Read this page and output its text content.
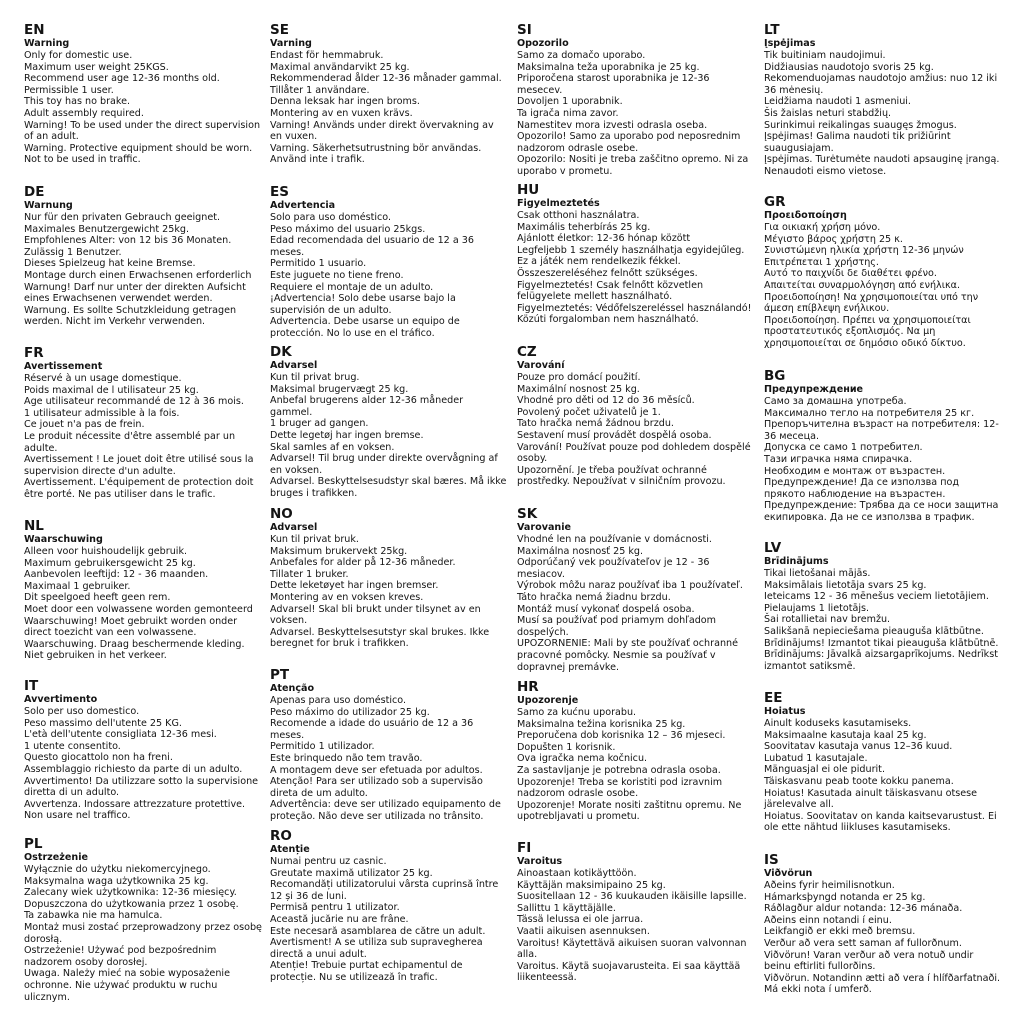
EN
Warning
Only for domestic use.
Maximum user weight 25KGS.
Recommend user age 12-36 months old.
Permissible 1 user.
This toy has no brake.
Adult assembly required.
Warning! To be used under the direct supervision of an adult.
Warning. Protective equipment should be worn.
Not to be used in traffic.
DE
Warnung
Nur für den privaten Gebrauch geeignet.
Maximales Benutzergewicht 25kg.
Empfohlenes Alter: von 12 bis 36 Monaten.
Zulässig 1 Benutzer.
Dieses Spielzeug hat keine Bremse.
Montage durch einen Erwachsenen erforderlich
Warnung! Darf nur unter der direkten Aufsicht eines Erwachsenen verwendet werden.
Warnung. Es sollte Schutzkleidung getragen werden. Nicht im Verkehr verwenden.
FR
Avertissement
Réservé à un usage domestique.
Poids maximal de l utilisateur 25 kg.
Age utilisateur recommandé de 12 à 36 mois.
1 utilisateur admissible à la fois.
Ce jouet n'a pas de frein.
Le produit nécessite d'être assemblé par un adulte.
Avertissement ! Le jouet doit être utilisé sous la supervision directe d'un adulte.
Avertissement. L'équipement de protection doit être porté. Ne pas utiliser dans le trafic.
NL
Waarschuwing
Alleen voor huishoudelijk gebruik.
Maximum gebruikersgewicht 25 kg.
Aanbevolen leeftijd: 12 - 36 maanden.
Maximaal 1 gebruiker.
Dit speelgoed heeft geen rem.
Moet door een volwassene worden gemonteerd
Waarschuwing! Moet gebruikt worden onder direct toezicht van een volwassene.
Waarschuwing. Draag beschermende kleding. Niet gebruiken in het verkeer.
IT
Avvertimento
Solo per uso domestico.
Peso massimo dell'utente 25 KG.
L'età dell'utente consigliata 12-36 mesi.
1 utente consentito.
Questo giocattolo non ha freni.
Assemblaggio richiesto da parte di un adulto.
Avvertimento! Da utilizzare sotto la supervisione diretta di un adulto.
Avvertenza. Indossare attrezzature protettive.
Non usare nel traffico.
PL
Ostrzeżenie
Wyłącznie do użytku niekomercyjnego.
Maksymalna waga użytkownika 25 kg.
Zalecany wiek użytkownika: 12-36 miesięcy.
Dopuszczona do użytkowania przez 1 osobę.
Ta zabawka nie ma hamulca.
Montaż musi zostać przeprowadzony przez osobę dorosłą.
Ostrzeżenie! Używać pod bezpośrednim nadzorem osoby dorosłej.
Uwaga. Należy mieć na sobie wyposażenie ochronne. Nie używać produktu w ruchu ulicznym.
SE
Varning
Endast för hemmabruk.
Maximal användarvikt 25 kg.
Rekommenderad ålder 12-36 månader gammal.
Tillåter 1 användare.
Denna leksak har ingen broms.
Montering av en vuxen krävs.
Varning! Används under direkt övervakning av en vuxen.
Varning. Säkerhetsutrustning bör användas.
Använd inte i trafik.
ES
Advertencia
Solo para uso doméstico.
Peso máximo del usuario 25kgs.
Edad recomendada del usuario de 12 a 36 meses.
Permitido 1 usuario.
Este juguete no tiene freno.
Requiere el montaje de un adulto.
¡Advertencia! Solo debe usarse bajo la supervisión de un adulto.
Advertencia. Debe usarse un equipo de protección. No lo use en el tráfico.
DK
Advarsel
Kun til privat brug.
Maksimal brugervægt 25 kg.
Anbefal brugerens alder 12-36 måneder gammel.
1 bruger ad gangen.
Dette legetøj har ingen bremse.
Skal samles af en voksen.
Advarsel! Til brug under direkte overvågning af en voksen.
Advarsel. Beskyttelsesudstyr skal bæres. Må ikke bruges i trafikken.
NO
Advarsel
Kun til privat bruk.
Maksimum brukervekt 25kg.
Anbefales for alder på 12-36 måneder.
Tillater 1 bruker.
Dette leketøyet har ingen bremser.
Montering av en voksen kreves.
Advarsel! Skal bli brukt under tilsynet av en voksen.
Advarsel. Beskyttelsesutstyr skal brukes. Ikke beregnet for bruk i trafikken.
PT
Atenção
Apenas para uso doméstico.
Peso máximo do utilizador 25 kg.
Recomende a idade do usuário de 12 a 36 meses.
Permitido 1 utilizador.
Este brinquedo não tem travão.
A montagem deve ser efetuada por adultos.
Atenção! Para ser utilizado sob a supervisão direta de um adulto.
Advertência: deve ser utilizado equipamento de proteção. Não deve ser utilizada no trânsito.
RO
Atenție
Numai pentru uz casnic.
Greutate maximă utilizator 25 kg.
Recomandăți utilizatorului vârsta cuprinsă între 12 și 36 de luni.
Permisă pentru 1 utilizator.
Această jucărie nu are frâne.
Este necesară asamblarea de către un adult.
Avertisment! A se utiliza sub supravegherea directă a unui adult.
Atenție! Trebuie purtat echipamentul de protecție. Nu se utilizează în trafic.
SI
Opozorilo
Samo za domačo uporabo.
Maksimalna teža uporabnika je 25 kg.
Priporočena starost uporabnika je 12-36 mesecev.
Dovoljen 1 uporabnik.
Ta igrača nima zavor.
Namestitev mora izvesti odrasla oseba.
Opozorilo! Samo za uporabo pod neposrednim nadzorom odrasle osebe.
Opozorilo: Nositi je treba zaščitno opremo. Ni za uporabo v prometu.
HU
Figyelmeztetés
Csak otthoni használatra.
Maximális teherbírás 25 kg.
Ajánlott életkor: 12-36 hónap között
Legfeljebb 1 személy használhatja egyidejűleg.
Ez a játék nem rendelkezik fékkel.
Összeszereléséhez felnőtt szükséges.
Figyelmeztetés! Csak felnőtt közvetlen felügyelete mellett használható.
Figyelmeztetés: Védőfelszereléssel használandó! Közúti forgalomban nem használható.
CZ
Varování
Pouze pro domácí použití.
Maximální nosnost 25 kg.
Vhodné pro děti od 12 do 36 měsíců.
Povolený počet uživatelů je 1.
Tato hračka nemá žádnou brzdu.
Sestavení musí provádět dospělá osoba.
Varování! Používat pouze pod dohledem dospělé osoby.
Upozornění. Je třeba používat ochranné prostředky. Nepoužívat v silničním provozu.
SK
Varovanie
Vhodné len na používanie v domácnosti.
Maximálna nosnosť 25 kg.
Odporúčaný vek používateľov je 12 - 36 mesiacov.
Výrobok môžu naraz používať iba 1 používateľ.
Táto hračka nemá žiadnu brzdu.
Montáž musí vykonať dospelá osoba.
Musí sa používať pod priamym dohľadom dospelých.
UPOZORNENIE: Mali by ste používať ochranné pracovné pomôcky. Nesmie sa používať v dopravnej premávke.
HR
Upozorenje
Samo za kućnu uporabu.
Maksimalna težina korisnika 25 kg.
Preporučena dob korisnika 12 – 36 mjeseci.
Dopušten 1 korisnik.
Ova igračka nema kočnicu.
Za sastavljanje je potrebna odrasla osoba.
Upozorenje! Treba se koristiti pod izravnim nadzorom odrasle osobe.
Upozorenje! Morate nositi zaštitnu opremu. Ne upotrebljavati u prometu.
FI
Varoitus
Ainoastaan kotikäyttöön.
Käyttäjän maksimipaino 25 kg.
Suositellaan 12 - 36 kuukauden ikäisille lapsille.
Sallittu 1 käyttäjälle.
Tässä lelussa ei ole jarrua.
Vaatii aikuisen asennuksen.
Varoitus! Käytettävä aikuisen suoran valvonnan alla.
Varoitus. Käytä suojavarusteita. Ei saa käyttää liikenteessä.
LT
Įspėjimas
Tik buitiniam naudojimui.
Didžiausias naudotojo svoris 25 kg.
Rekomenduojamas naudotojo amžius: nuo 12 iki 36 mėnesių.
Leidžiama naudoti 1 asmeniui.
Šis žaislas neturi stabdžių.
Surinkimui reikalingas suaugęs žmogus.
Įspėjimas! Galima naudoti tik prižiūrint suaugusiajam.
Įspėjimas. Turėtumėte naudoti apsauginę įrangą. Nenaudoti eismo vietose.
GR
Προειδοποίηση
Για οικιακή χρήση μόνο.
Μέγιστο βάρος χρήστη 25 κ.
Συνιστώμενη ηλικία χρήστη 12-36 μηνών
Επιτρέπεται 1 χρήστης.
Αυτό το παιχνίδι δε διαθέτει φρένο.
Απαιτείται συναρμολόγηση από ενήλικα.
Προειδοποίηση! Να χρησιμοποιείται υπό την άμεση επίβλεψη ενήλικου.
Προειδοποίηση. Πρέπει να χρησιμοποιείται προστατευτικός εξοπλισμός. Να μη χρησιμοποιείται σε δημόσιο οδικό δίκτυο.
BG
Предупреждение
Само за домашна употреба.
Максимално тегло на потребителя 25 кг.
Препоръчителна възраст на потребителя: 12-36 месеца.
Допуска се само 1 потребител.
Тази играчка няма спирачка.
Необходим е монтаж от възрастен.
Предупреждение! Да се използва под прякото наблюдение на възрастен.
Предупреждение: Трябва да се носи защитна екипировка. Да не се използва в трафик.
LV
Brīdinājums
Tikai lietošanai mājās.
Maksimālais lietotāja svars 25 kg.
Ieteicams 12 - 36 mēnešus veciem lietotājiem.
Pielaujams 1 lietotājs.
Šai rotallietai nav bremžu.
Salikšanā nepieciešama pieauguša klātbūtne.
Brīdinājums! Izmantot tikai pieauguša klātbūtnē.
Brīdinājums: Jāvalkā aizsargaprīkojums. Nedrīkst izmantot satiksmē.
EE
Hoiatus
Ainult koduseks kasutamiseks.
Maksimaalne kasutaja kaal 25 kg.
Soovitatav kasutaja vanus 12–36 kuud.
Lubatud 1 kasutajale.
Mänguasjal ei ole pidurit.
Täiskasvanu peab toote kokku panema.
Hoiatus! Kasutada ainult täiskasvanu otsese järelevalve all.
Hoiatus. Soovitatav on kanda kaitsevarustust. Ei ole ette nähtud liikluses kasutamiseks.
IS
Viðvörun
Aðeins fyrir heimilisnotkun.
Hámarksþyngd notanda er 25 kg.
Ráðlagður aldur notanda: 12-36 mánaða.
Aðeins einn notandi í einu.
Leikfangið er ekki með bremsu.
Verður að vera sett saman af fullorðnum.
Viðvörun! Varan verður að vera notuð undir beinu eftirliti fullorðins.
Viðvörun. Notandinn ætti að vera í hlífðarfatnaði.
Má ekki nota í umferð.
